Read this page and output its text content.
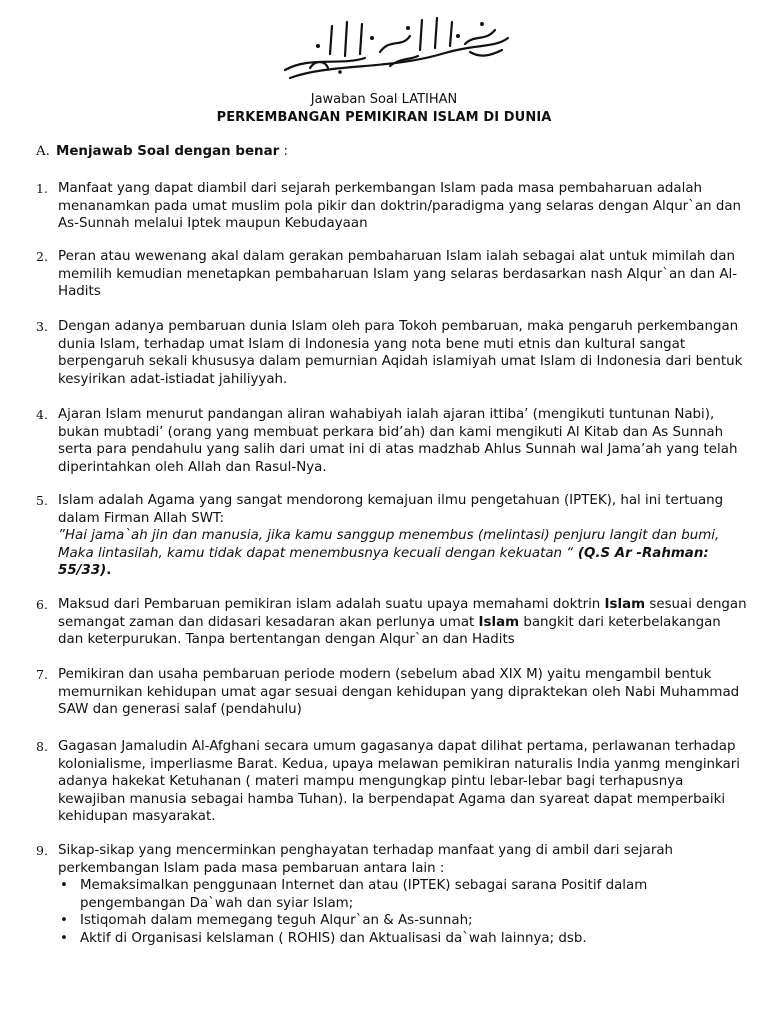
Jawaban Soal LATIHAN
PERKEMBANGAN PEMIKIRAN ISLAM DI DUNIA
A. Menjawab Soal dengan benar :
1. Manfaat yang dapat diambil dari sejarah perkembangan Islam pada masa pembaharuan adalah menanamkan pada umat muslim pola pikir dan doktrin/paradigma yang selaras dengan Alqur`an dan As-Sunnah melalui Iptek maupun Kebudayaan

2. Peran atau wewenang akal dalam gerakan pembaharuan Islam ialah sebagai alat untuk mimilah dan memilih kemudian menetapkan pembaharuan Islam yang selaras berdasarkan nash Alqur`an dan Al-Hadits

3. Dengan adanya pembaruan dunia Islam oleh para Tokoh pembaruan, maka pengaruh perkembangan dunia Islam, terhadap umat Islam di Indonesia yang nota bene muti etnis dan kultural sangat berpengaruh sekali khususya dalam pemurnian Aqidah islamiyah umat Islam di Indonesia dari bentuk kesyirikan adat-istiadat jahiliyyah.

4. Ajaran Islam menurut pandangan aliran wahabiyah ialah ajaran ittiba’ (mengikuti tuntunan Nabi), bukan mubtadi’ (orang yang membuat perkara bid’ah) dan kami mengikuti Al Kitab dan As Sunnah serta para pendahulu yang salih dari umat ini di atas madzhab Ahlus Sunnah wal Jama’ah yang telah diperintahkan oleh Allah dan Rasul-Nya.

5. Islam adalah Agama yang sangat mendorong kemajuan ilmu pengetahuan (IPTEK), hal ini tertuang dalam Firman Allah SWT:

”Hai jama`ah jin dan manusia, jika kamu sanggup menembus (melintasi) penjuru langit dan bumi, Maka lintasilah, kamu tidak dapat menembusnya kecuali dengan kekuatan “ (Q.S Ar -Rahman: 55/33).

6. Maksud dari Pembaruan pemikiran islam adalah suatu upaya memahami doktrin Islam sesuai dengan semangat zaman dan didasari kesadaran akan perlunya umat Islam bangkit dari keterbelakangan dan keterpurukan. Tanpa bertentangan dengan Alqur`an dan Hadits

7. Pemikiran dan usaha pembaruan periode modern (sebelum abad XIX M) yaitu mengambil bentuk memurnikan kehidupan umat agar sesuai dengan kehidupan yang dipraktekan oleh Nabi Muhammad SAW dan generasi salaf (pendahulu)

8. Gagasan Jamaludin Al-Afghani secara umum gagasanya dapat dilihat pertama, perlawanan terhadap kolonialisme, imperliasme Barat. Kedua, upaya melawan pemikiran naturalis India yanmg menginkari adanya hakekat Ketuhanan ( materi mampu mengungkap pintu lebar-lebar bagi terhapusnya kewajiban manusia sebagai hamba Tuhan). Ia berpendapat Agama dan syareat dapat memperbaiki kehidupan masyarakat.

9. Sikap-sikap yang mencerminkan penghayatan terhadap manfaat yang di ambil dari sejarah perkembangan Islam pada masa pembaruan antara lain :

• Memaksimalkan penggunaan Internet dan atau (IPTEK) sebagai sarana Positif dalam pengembangan Da`wah dan syiar Islam;
• Istiqomah dalam memegang teguh Alqur`an & As-sunnah;
• Aktif di Organisasi kelslaman ( ROHIS) dan Aktualisasi da`wah lainnya; dsb.
